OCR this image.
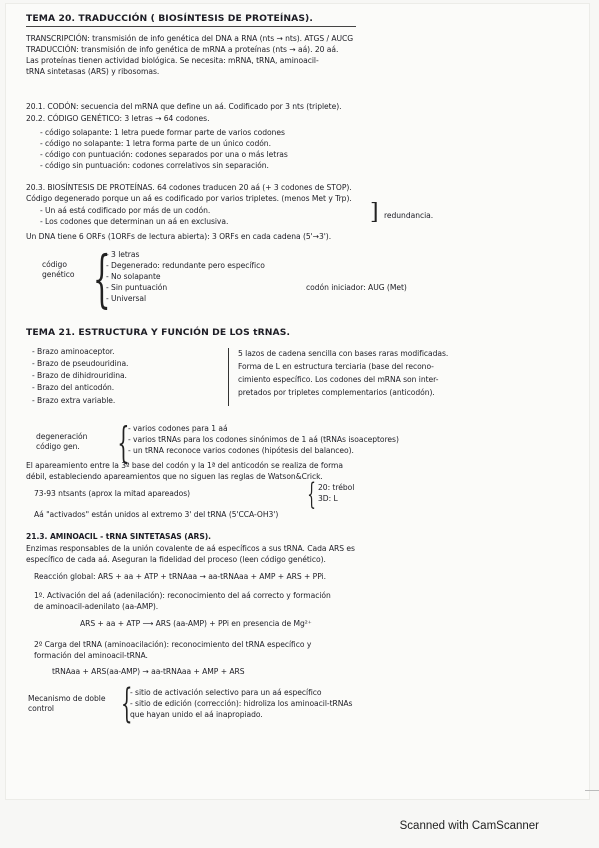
TEMA 20. TRADUCCIÓN ( BIOSÍNTESIS DE PROTEÍNAS).
TRANSCRIPCIÓN: transmisión de info genética del DNA a RNA (nts → nts). ATGS / AUCG
TRADUCCIÓN: transmisión de info genética de mRNA a proteínas (nts → aá). 20 aá.
Las proteínas tienen actividad biológica. Se necesita: mRNA, tRNA, aminoacil-
tRNA sintetasas (ARS) y ribosomas.
20.1. CODÓN: secuencia del mRNA que define un aá. Codificado por 3 nts (triplete).
20.2. CÓDIGO GENÉTICO: 3 letras → 64 codones.
- código solapante: 1 letra puede formar parte de varios codones
- código no solapante: 1 letra forma parte de un único codón.
- código con puntuación: codones separados por una o más letras
- código sin puntuación: codones correlativos sin separación.
20.3. BIOSÍNTESIS DE PROTEÍNAS. 64 codones traducen 20 aá (+ 3 codones de STOP).
Código degenerado porque un aá es codificado por varios tripletes. (menos Met y Trp).
- Un aá está codificado por más de un codón.
- Los codones que determinan un aá en exclusiva.	] redundancia.
Un DNA tiene 6 ORFs (1ORFs de lectura abierta): 3 ORFs en cada cadena (5'→3').
código genético {
- 3 letras
- Degenerado: redundante pero específico
- No solapante
- Sin puntuación
- Universal
codón iniciador: AUG (Met)
TEMA 21. ESTRUCTURA Y FUNCIÓN DE LOS tRNAS.
- Brazo aminoaceptor.
- Brazo de pseudouridina.
- Brazo de dihidrouridina.
- Brazo del anticodón.
- Brazo extra variable.
5 lazos de cadena sencilla con bases raras modificadas.
Forma de L en estructura terciaria (base del recono-
cimiento específico. Los codones del mRNA son inter-
pretados por tripletes complementarios (anticodón).
degeneración código gen. {
- varios codones para 1 aá
- varios tRNAs para los codones sinónimos de 1 aá (tRNAs isoaceptores)
- un tRNA reconoce varios codones (hipótesis del balanceo).
El apareamiento entre la 3ª base del codón y la 1ª del anticodón se realiza de forma
débil, estableciendo apareamientos que no siguen las reglas de Watson&Crick.
73-93 ntsants (aprox la mitad apareados)	{ 20: trébol
3D: L
Aá "activados" están unidos al extremo 3' del tRNA (5'CCA-OH3')
21.3. AMINOACIL - tRNA SINTETASAS (ARS).
Enzimas responsables de la unión covalente de aá específicos a sus tRNA. Cada ARS es
específico de cada aá. Aseguran la fidelidad del proceso (leen código genético).
Reacción global: ARS + aa + ATP + tRNAaa → aa-tRNAaa + AMP + ARS + PPi.
1º. Activación del aá (adenilación): reconocimiento del aá correcto y formación
de aminoacil-adenilato (aa-AMP).
ARS + aa + ATP ⟶ ARS (aa-AMP) + PPi en presencia de Mg²⁺
2º Carga del tRNA (aminoacilación): reconocimiento del tRNA específico y
formación del aminoacil-tRNA.
tRNAaa + ARS(aa-AMP) → aa-tRNAaa + AMP + ARS
Mecanismo de doble control	{
- sitio de activación selectivo para un aá específico
- sitio de edición (corrección): hidroliza los aminoacil-tRNAs
que hayan unido el aá inapropiado.
Scanned with CamScanner
